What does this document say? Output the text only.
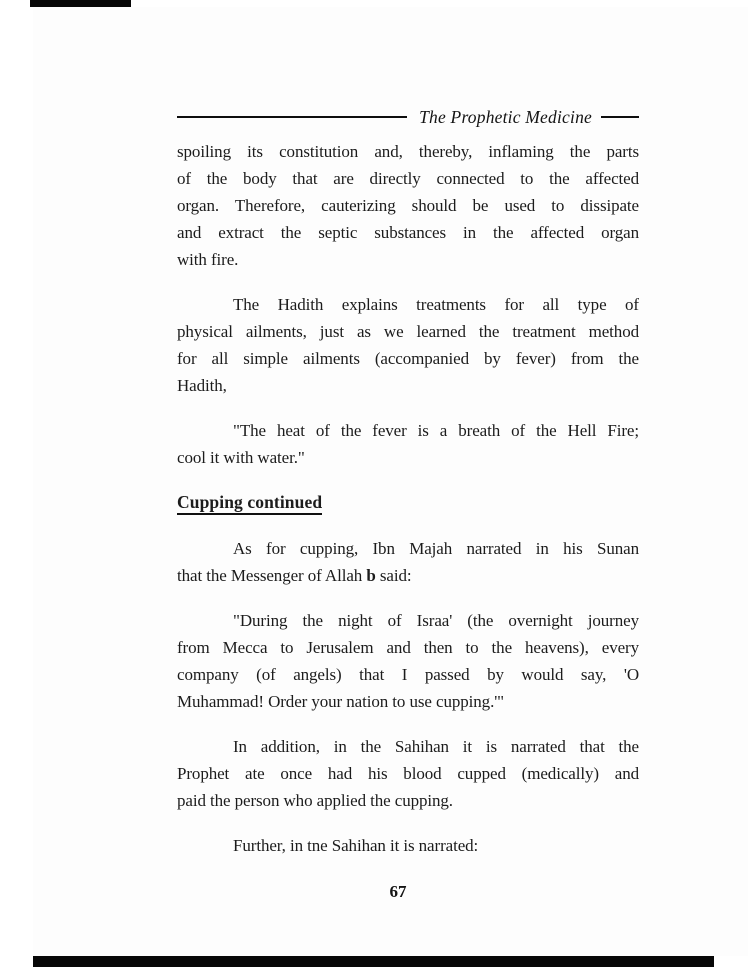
The Prophetic Medicine
spoiling its constitution and, thereby, inflaming the parts
of the body that are directly connected to the affected
organ. Therefore, cauterizing should be used to dissipate
and extract the septic substances in the affected organ
with fire.
The Hadith explains treatments for all type of
physical ailments, just as we learned the treatment method
for all simple ailments (accompanied by fever) from the
Hadith,
"The heat of the fever is a breath of the Hell Fire;
cool it with water."
Cupping continued
As for cupping, Ibn Majah narrated in his Sunan
that the Messenger of Allah b said:
"During the night of Israa' (the overnight journey
from Mecca to Jerusalem and then to the heavens), every
company (of angels) that I passed by would say, 'O
Muhammad! Order your nation to use cupping.'"
In addition, in the Sahihan it is narrated that the
Prophet ate once had his blood cupped (medically) and
paid the person who applied the cupping.
Further, in tne Sahihan it is narrated:
67
